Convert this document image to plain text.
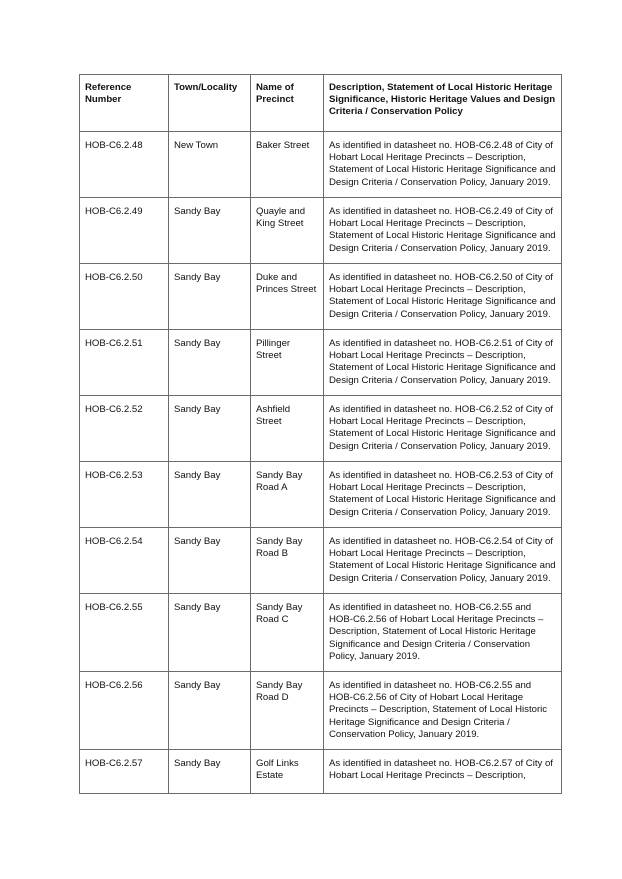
Reference Number	Town/Locality	Name of Precinct	Description, Statement of Local Historic Heritage Significance, Historic Heritage Values and Design Criteria / Conservation Policy
HOB-C6.2.48	New Town	Baker Street	As identified in datasheet no. HOB-C6.2.48 of City of Hobart Local Heritage Precincts – Description, Statement of Local Historic Heritage Significance and Design Criteria / Conservation Policy, January 2019.
HOB-C6.2.49	Sandy Bay	Quayle and King Street	As identified in datasheet no. HOB-C6.2.49 of City of Hobart Local Heritage Precincts – Description, Statement of Local Historic Heritage Significance and Design Criteria / Conservation Policy, January 2019.
HOB-C6.2.50	Sandy Bay	Duke and Princes Street	As identified in datasheet no. HOB-C6.2.50 of City of Hobart Local Heritage Precincts – Description, Statement of Local Historic Heritage Significance and Design Criteria / Conservation Policy, January 2019.
HOB-C6.2.51	Sandy Bay	Pillinger Street	As identified in datasheet no. HOB-C6.2.51 of City of Hobart Local Heritage Precincts – Description, Statement of Local Historic Heritage Significance and Design Criteria / Conservation Policy, January 2019.
HOB-C6.2.52	Sandy Bay	Ashfield Street	As identified in datasheet no. HOB-C6.2.52 of City of Hobart Local Heritage Precincts – Description, Statement of Local Historic Heritage Significance and Design Criteria / Conservation Policy, January 2019.
HOB-C6.2.53	Sandy Bay	Sandy Bay Road A	As identified in datasheet no. HOB-C6.2.53 of City of Hobart Local Heritage Precincts – Description, Statement of Local Historic Heritage Significance and Design Criteria / Conservation Policy, January 2019.
HOB-C6.2.54	Sandy Bay	Sandy Bay Road B	As identified in datasheet no. HOB-C6.2.54 of City of Hobart Local Heritage Precincts – Description, Statement of Local Historic Heritage Significance and Design Criteria / Conservation Policy, January 2019.
HOB-C6.2.55	Sandy Bay	Sandy Bay Road C	As identified in datasheet no. HOB-C6.2.55 and HOB-C6.2.56 of Hobart Local Heritage Precincts – Description, Statement of Local Historic Heritage Significance and Design Criteria / Conservation Policy, January 2019.
HOB-C6.2.56	Sandy Bay	Sandy Bay Road D	As identified in datasheet no. HOB-C6.2.55 and HOB-C6.2.56 of City of Hobart Local Heritage Precincts – Description, Statement of Local Historic Heritage Significance and Design Criteria / Conservation Policy, January 2019.
HOB-C6.2.57	Sandy Bay	Golf Links Estate	As identified in datasheet no. HOB-C6.2.57 of City of Hobart Local Heritage Precincts – Description,
